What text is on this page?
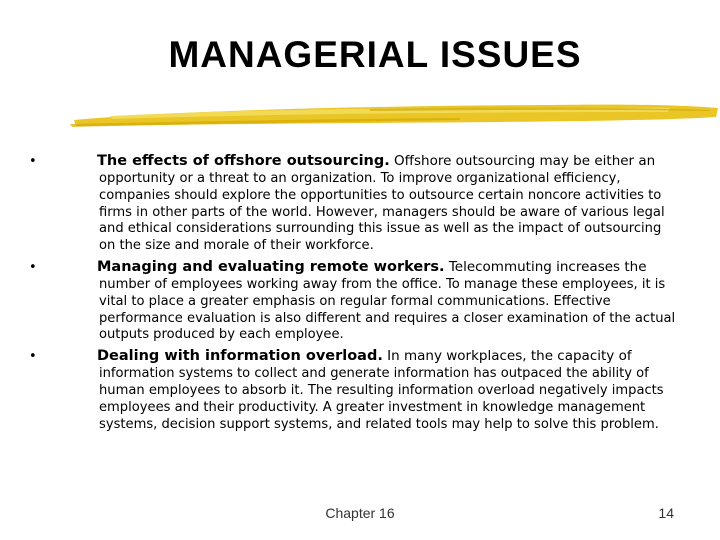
MANAGERIAL ISSUES
•	The effects of offshore outsourcing. Offshore outsourcing may be either an
opportunity or a threat to an organization. To improve organizational efficiency, companies should explore the opportunities to outsource certain noncore activities to firms in other parts of the world. However, managers should be aware of various legal and ethical considerations surrounding this issue as well as the impact of outsourcing on the size and morale of their workforce.
•	Managing and evaluating remote workers. Telecommuting increases the
number of employees working away from the office. To manage these employees, it is vital to place a greater emphasis on regular formal communications. Effective performance evaluation is also different and requires a closer examination of the actual outputs produced by each employee.
•	Dealing with information overload. In many workplaces, the capacity of
information systems to collect and generate information has outpaced the ability of human employees to absorb it. The resulting information overload negatively impacts employees and their productivity. A greater investment in knowledge management systems, decision support systems, and related tools may help to solve this problem.
Chapter 16	14
